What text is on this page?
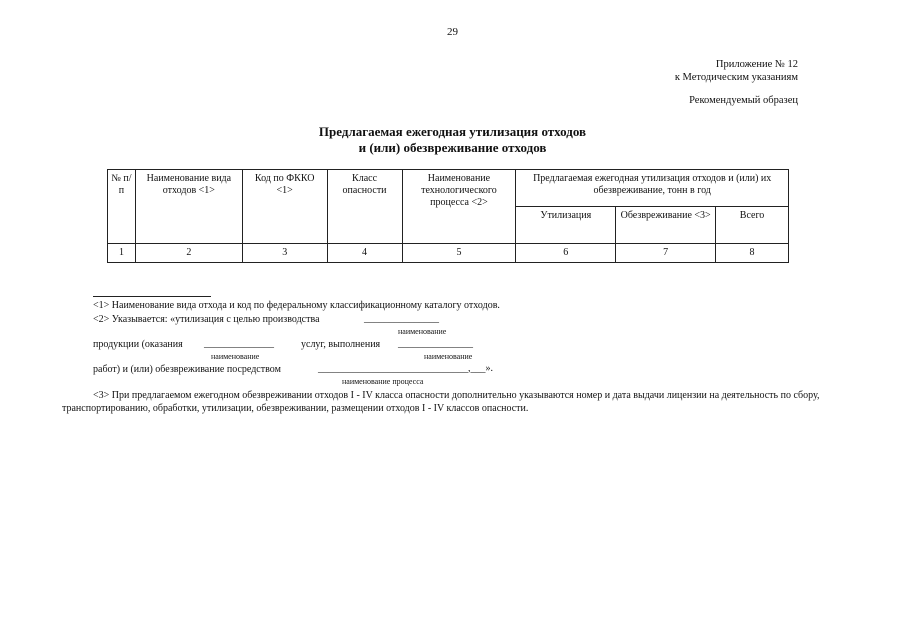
29
Приложение № 12
к Методическим указаниям
Рекомендуемый образец
Предлагаемая ежегодная утилизация отходов
и (или) обезвреживание отходов
№ п/п	Наименование вида отходов <1>	Код по ФККО <1>	Класс опасности	Наименование технологического процесса <2>	Предлагаемая ежегодная утилизация отходов и (или) их обезвреживание, тонн в год		
					Утилизация	Обезвреживание <3>	Всего
1	2	3	4	5	6	7	8
<1> Наименование вида отхода и код по федеральному классификационному каталогу отходов.
<2> Указывается: «утилизация с целью производства	_______________
наименование
продукции (оказания ______________	услуг, выполнения _______________
наименование	наименование
работ) и (или) обезвреживание посредством	______________________________,___».
наименование процесса
<3> При предлагаемом ежегодном обезвреживании отходов I - IV класса опасности дополнительно указываются номер и дата выдачи лицензии на деятельность по сбору, транспортированию, обработки, утилизации, обезвреживании, размещении отходов I - IV классов опасности.
